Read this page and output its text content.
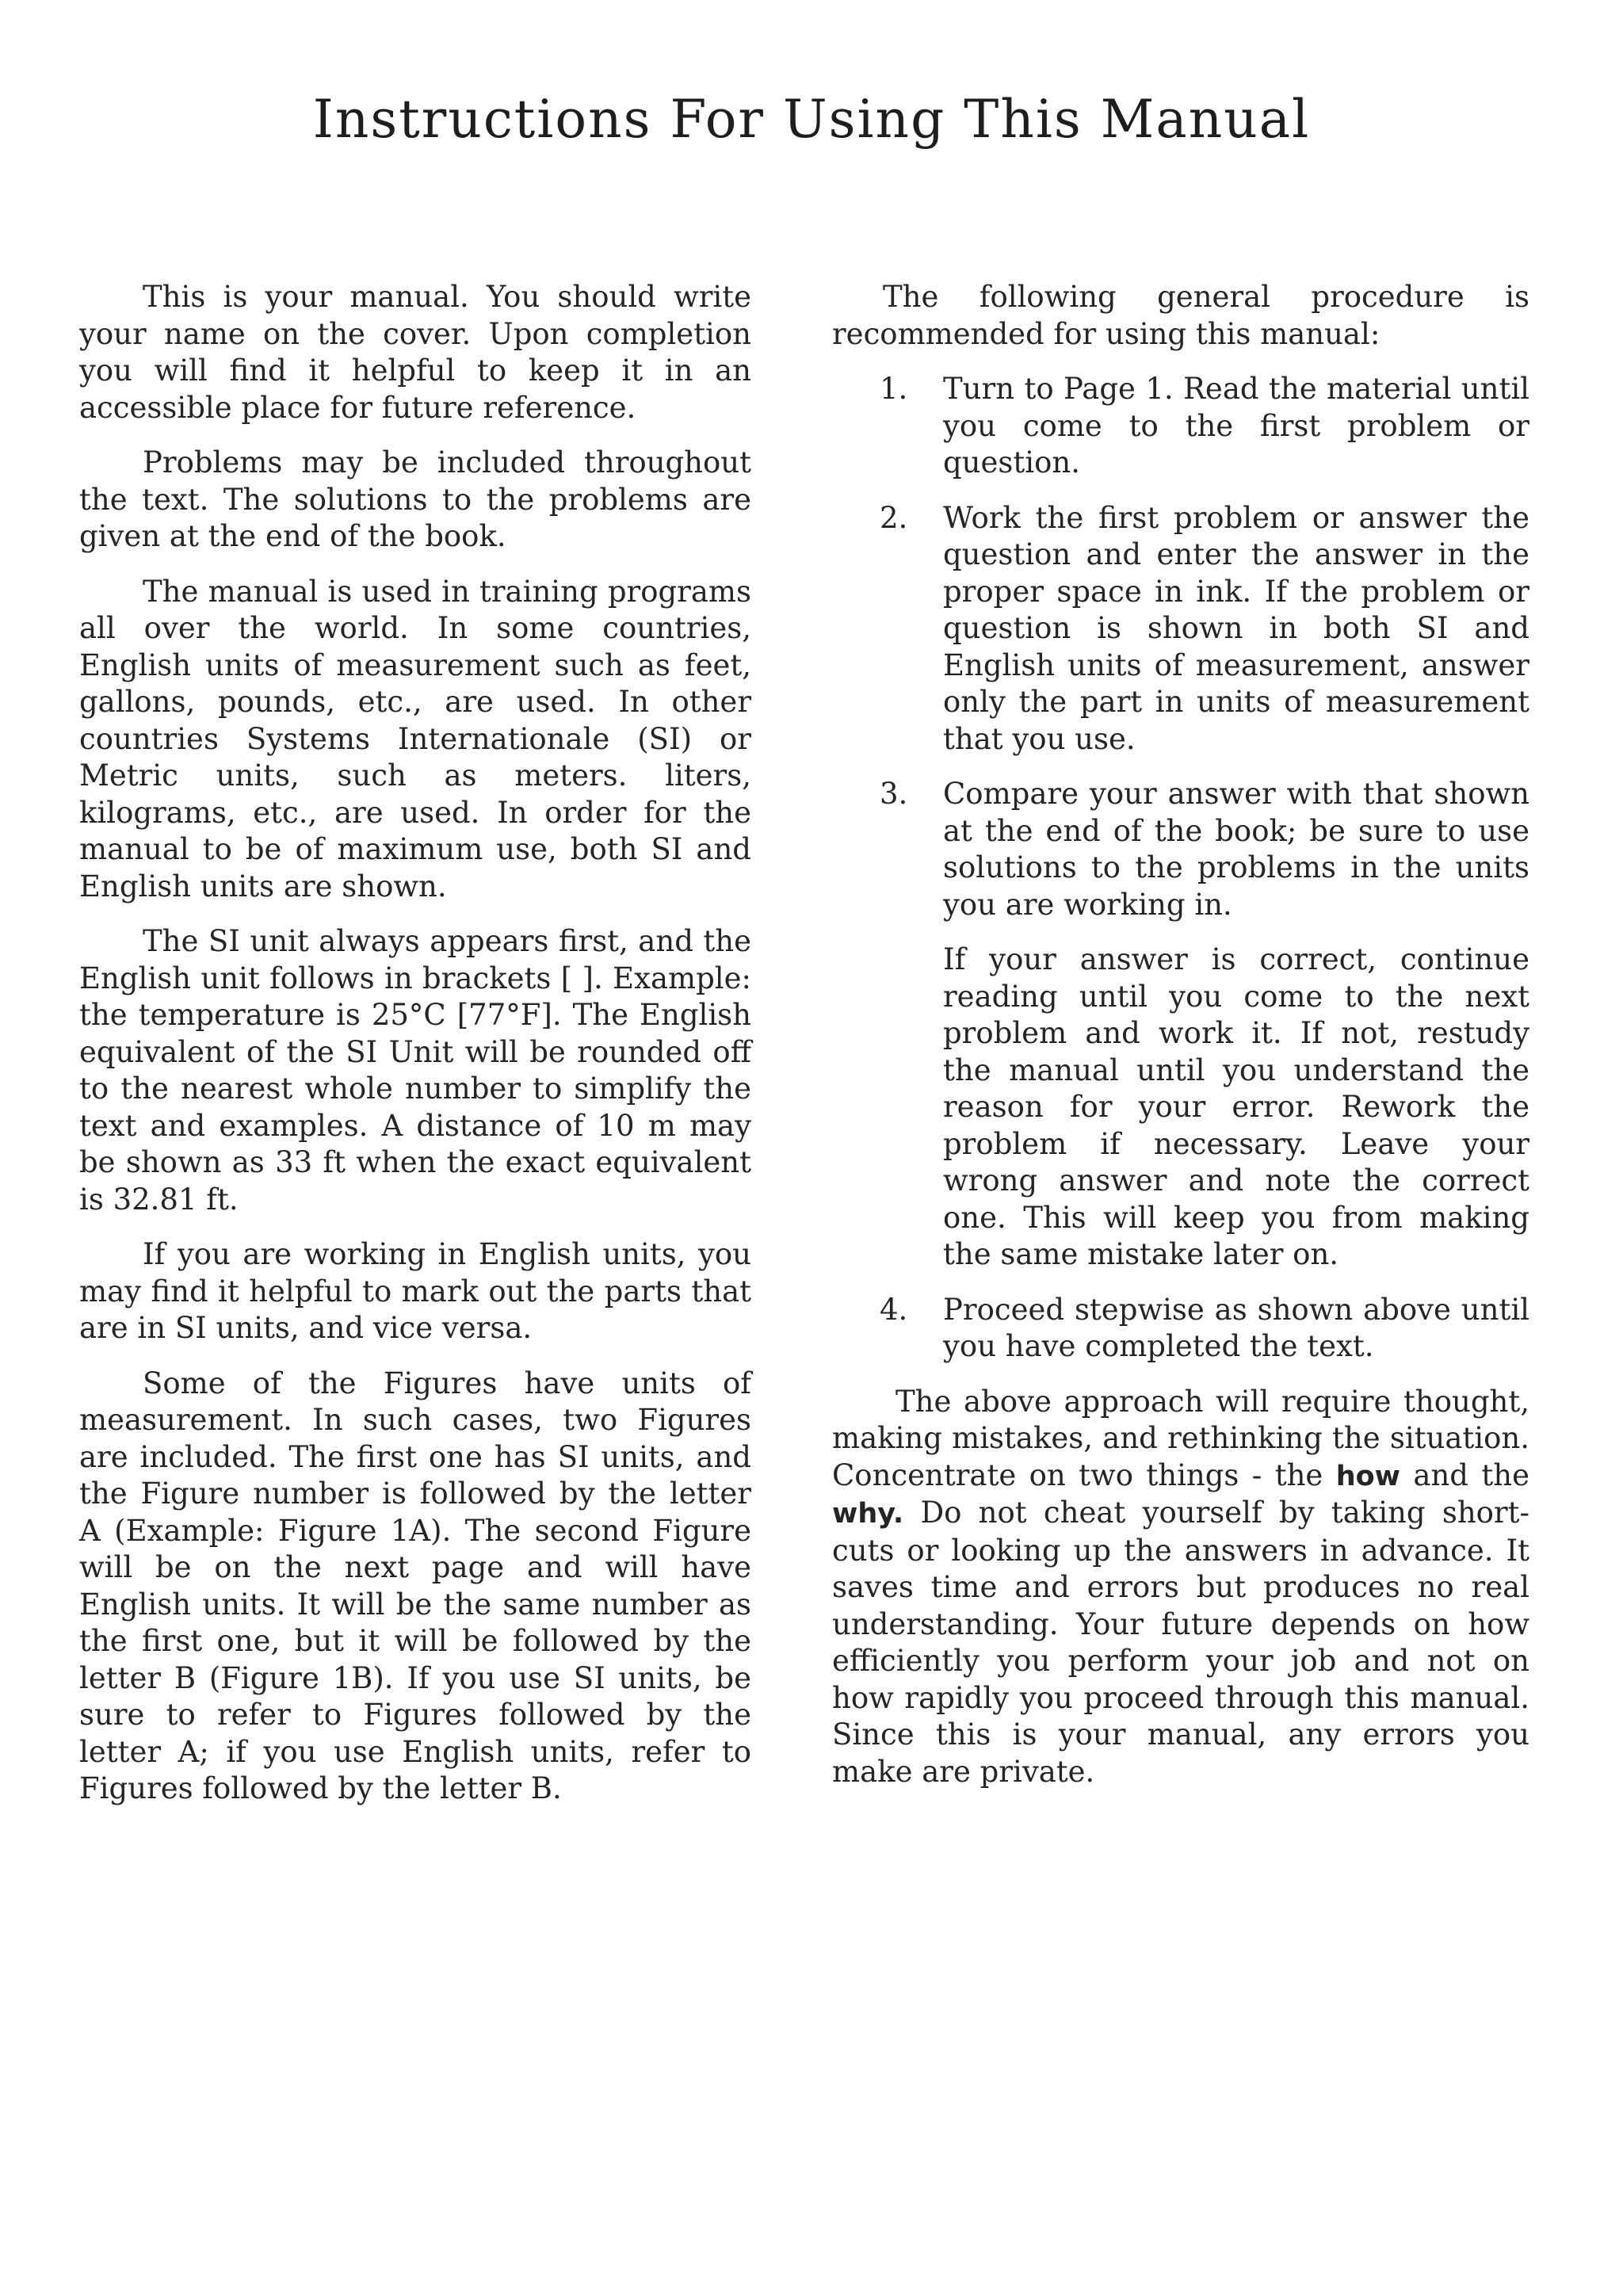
Instructions For Using This Manual

This is your manual. You should write your name on the cover. Upon completion you will find it helpful to keep it in an accessible place for future reference.

Problems may be included throughout the text. The solutions to the problems are given at the end of the book.

The manual is used in training programs all over the world. In some countries, English units of measurement such as feet, gallons, pounds, etc., are used. In other countries Systems Internationale (SI) or Metric units, such as meters. liters, kilograms, etc., are used. In order for the manual to be of maximum use, both SI and English units are shown.

The SI unit always appears first, and the English unit follows in brackets [ ]. Example: the temperature is 25°C [77°F]. The English equivalent of the SI Unit will be rounded off to the nearest whole number to simplify the text and examples. A distance of 10 m may be shown as 33 ft when the exact equivalent is 32.81 ft.

If you are working in English units, you may find it helpful to mark out the parts that are in SI units, and vice versa.

Some of the Figures have units of measurement. In such cases, two Figures are included. The first one has SI units, and the Figure number is followed by the letter A (Example: Figure 1A). The second Figure will be on the next page and will have English units. It will be the same number as the first one, but it will be followed by the letter B (Figure 1B). If you use SI units, be sure to refer to Figures followed by the letter A; if you use English units, refer to Figures followed by the letter B.

The following general procedure is recommended for using this manual:

1. Turn to Page 1. Read the material until you come to the first problem or question.
2. Work the first problem or answer the question and enter the answer in the proper space in ink. If the problem or question is shown in both SI and English units of measurement, answer only the part in units of measurement that you use.
3. Compare your answer with that shown at the end of the book; be sure to use solutions to the problems in the units you are working in.
If your answer is correct, continue reading until you come to the next problem and work it. If not, restudy the manual until you understand the reason for your error. Rework the problem if necessary. Leave your wrong answer and note the correct one. This will keep you from making the same mistake later on.
4. Proceed stepwise as shown above until you have completed the text.

The above approach will require thought, making mistakes, and rethinking the situation. Concentrate on two things - the how and the why. Do not cheat yourself by taking short-cuts or looking up the answers in advance. It saves time and errors but produces no real understanding. Your future depends on how efficiently you perform your job and not on how rapidly you proceed through this manual. Since this is your manual, any errors you make are private.
